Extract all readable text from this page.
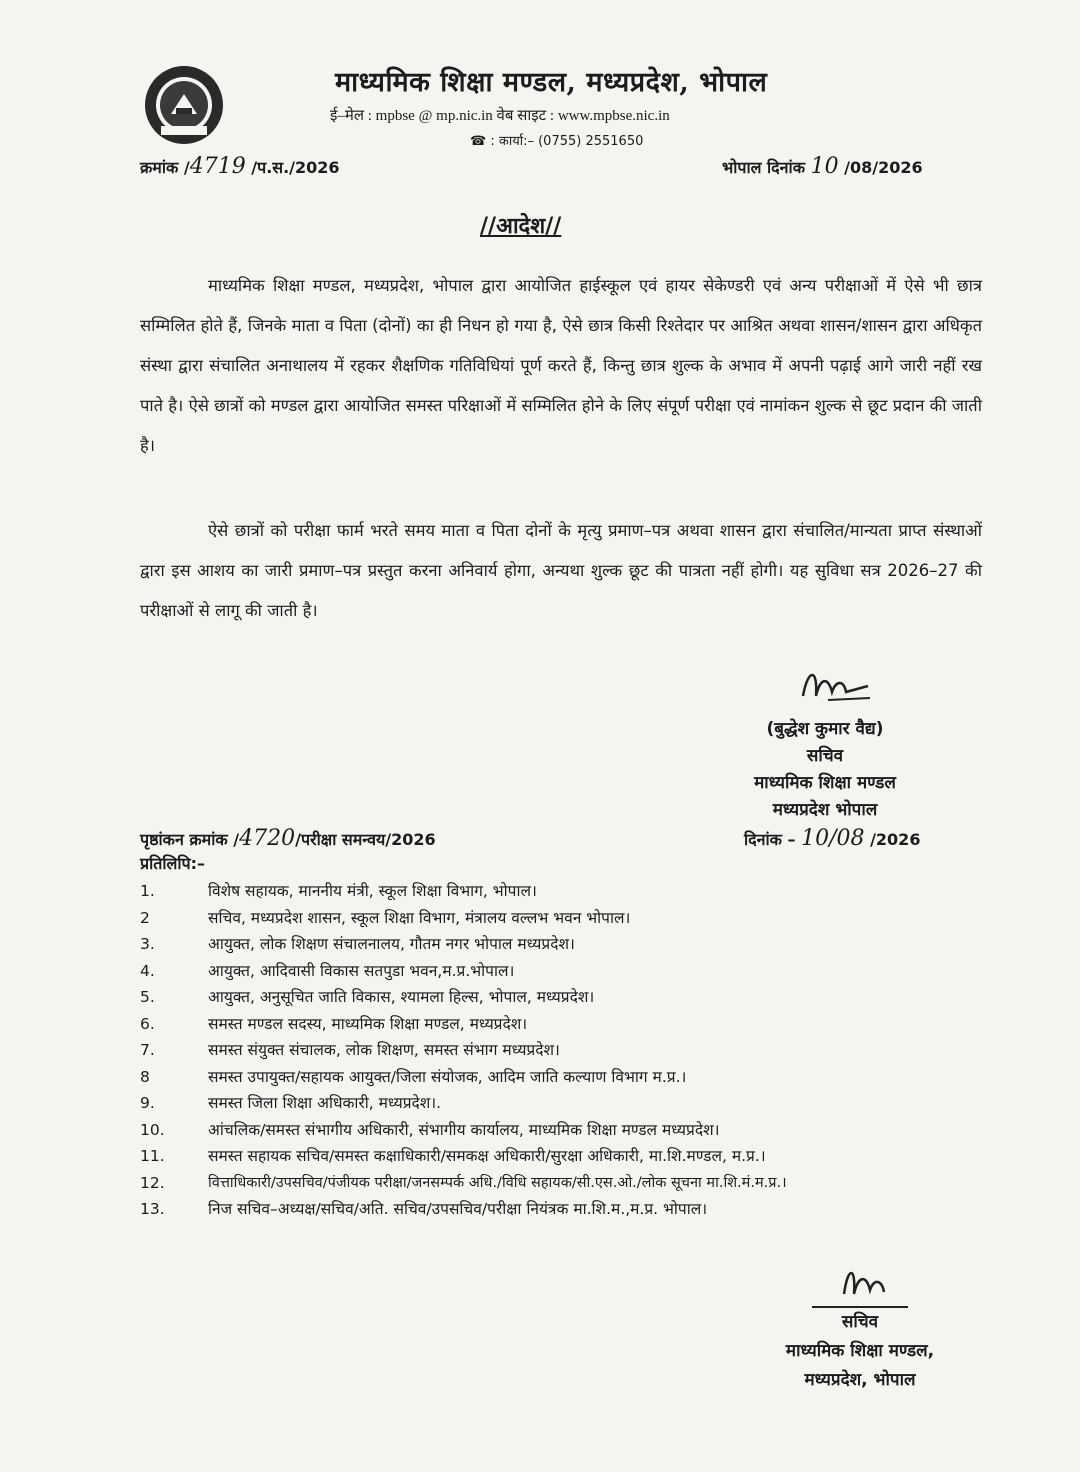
माध्यमिक शिक्षा मण्डल, मध्यप्रदेश, भोपाल
ई–मेल : mpbse @ mp.nic.in वेब साइट : www.mpbse.nic.in
☎ : कार्या:– (0755) 2551650
क्रमांक /4719 /प.स./2026	भोपाल दिनांक 10 /08/2026
//आदेश//
माध्यमिक शिक्षा मण्डल, मध्यप्रदेश, भोपाल द्वारा आयोजित हाईस्कूल एवं हायर सेकेण्डरी एवं अन्य परीक्षाओं में ऐसे भी छात्र सम्मिलित होते हैं, जिनके माता व पिता (दोनों) का ही निधन हो गया है, ऐसे छात्र किसी रिश्तेदार पर आश्रित अथवा शासन/शासन द्वारा अधिकृत संस्था द्वारा संचालित अनाथालय में रहकर शैक्षणिक गतिविधियां पूर्ण करते हैं, किन्तु छात्र शुल्क के अभाव में अपनी पढ़ाई आगे जारी नहीं रख पाते है। ऐसे छात्रों को मण्डल द्वारा आयोजित समस्त परिक्षाओं में सम्मिलित होने के लिए संपूर्ण परीक्षा एवं नामांकन शुल्क से छूट प्रदान की जाती है।
ऐसे छात्रों को परीक्षा फार्म भरते समय माता व पिता दोनों के मृत्यु प्रमाण–पत्र अथवा शासन द्वारा संचालित/मान्यता प्राप्त संस्थाओं द्वारा इस आशय का जारी प्रमाण–पत्र प्रस्तुत करना अनिवार्य होगा, अन्यथा शुल्क छूट की पात्रता नहीं होगी। यह सुविधा सत्र 2026–27 की परीक्षाओं से लागू की जाती है।
(बुद्धेश कुमार वैद्य)
सचिव
माध्यमिक शिक्षा मण्डल
मध्यप्रदेश भोपाल
पृष्ठांकन क्रमांक /4720/परीक्षा समन्वय/2026	दिनांक – 10/08 /2026
प्रतिलिपि:–
1.	विशेष सहायक, माननीय मंत्री, स्कूल शिक्षा विभाग, भोपाल।
2	सचिव, मध्यप्रदेश शासन, स्कूल शिक्षा विभाग, मंत्रालय वल्लभ भवन भोपाल।
3.	आयुक्त, लोक शिक्षण संचालनालय, गौतम नगर भोपाल मध्यप्रदेश।
4.	आयुक्त, आदिवासी विकास सतपुडा भवन,म.प्र.भोपाल।
5.	आयुक्त, अनुसूचित जाति विकास, श्यामला हिल्स, भोपाल, मध्यप्रदेश।
6.	समस्त मण्डल सदस्य, माध्यमिक शिक्षा मण्डल, मध्यप्रदेश।
7.	समस्त संयुक्त संचालक, लोक शिक्षण, समस्त संभाग मध्यप्रदेश।
8	समस्त उपायुक्त/सहायक आयुक्त/जिला संयोजक, आदिम जाति कल्याण विभाग म.प्र.।
9.	समस्त जिला शिक्षा अधिकारी, मध्यप्रदेश।.
10.	आंचलिक/समस्त संभागीय अधिकारी, संभागीय कार्यालय, माध्यमिक शिक्षा मण्डल मध्यप्रदेश।
11.	समस्त सहायक सचिव/समस्त कक्षाधिकारी/समकक्ष अधिकारी/सुरक्षा अधिकारी, मा.शि.मण्डल, म.प्र.।
12.	वित्ताधिकारी/उपसचिव/पंजीयक परीक्षा/जनसम्पर्क अधि./विधि सहायक/सी.एस.ओ./लोक सूचना मा.शि.मं.म.प्र.।
13.	निज सचिव–अध्यक्ष/सचिव/अति. सचिव/उपसचिव/परीक्षा नियंत्रक मा.शि.म.,म.प्र. भोपाल।
सचिव
माध्यमिक शिक्षा मण्डल,
मध्यप्रदेश, भोपाल
